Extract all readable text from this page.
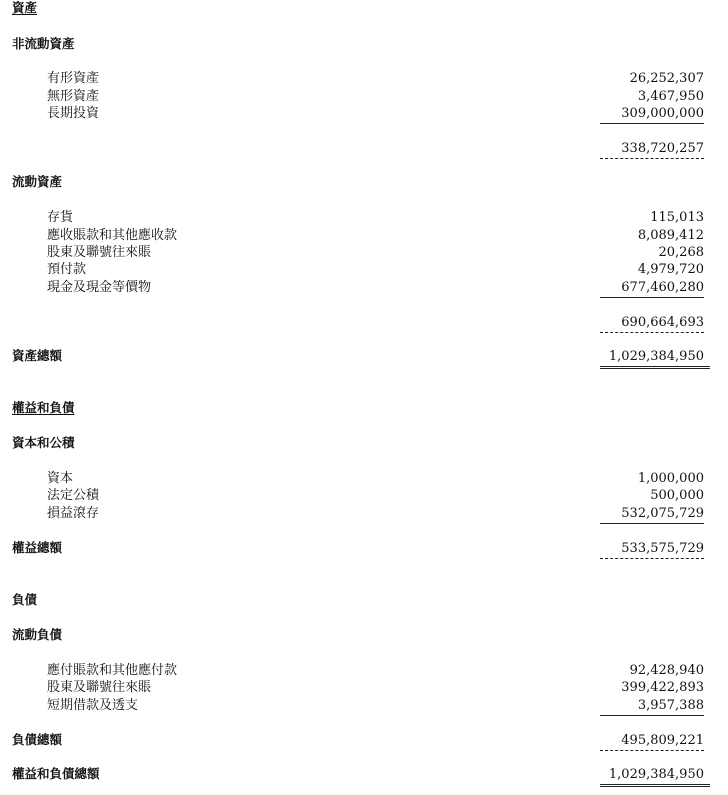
資產
非流動資產
有形資產	26,252,307
無形資產	3,467,950
長期投資	309,000,000
338,720,257
流動資產
存貨	115,013
應收賬款和其他應收款	8,089,412
股東及聯號往來賬	20,268
預付款	4,979,720
現金及現金等價物	677,460,280
690,664,693
資產總額	1,029,384,950
權益和負債
資本和公積
資本	1,000,000
法定公積	500,000
損益滾存	532,075,729
權益總額	533,575,729
負債
流動負債
應付賬款和其他應付款	92,428,940
股東及聯號往來賬	399,422,893
短期借款及透支	3,957,388
負債總額	495,809,221
權益和負債總額	1,029,384,950
